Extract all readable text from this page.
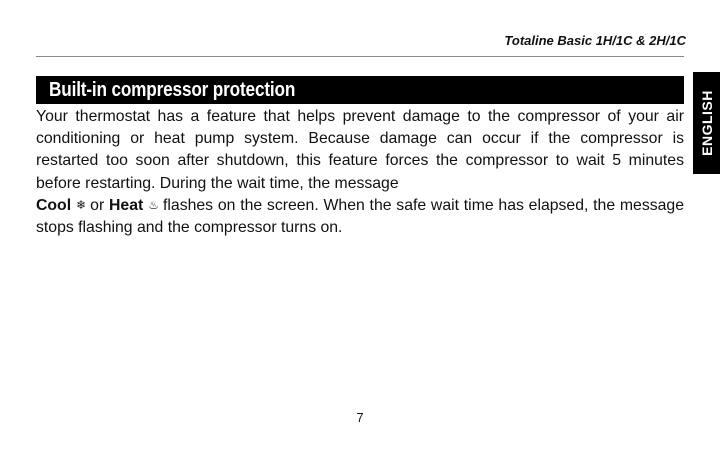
Totaline Basic 1H/1C & 2H/1C
Built-in compressor protection
ENGLISH

Your thermostat has a feature that helps prevent damage to the compressor of your air conditioning or heat pump system. Because damage can occur if the compressor is restarted too soon after shutdown, this feature forces the compressor to wait 5 minutes before restarting. During the wait time, the message
Cool ❄ or Heat ♨ flashes on the screen. When the safe wait time has elapsed, the message stops flashing and the compressor turns on.

7
